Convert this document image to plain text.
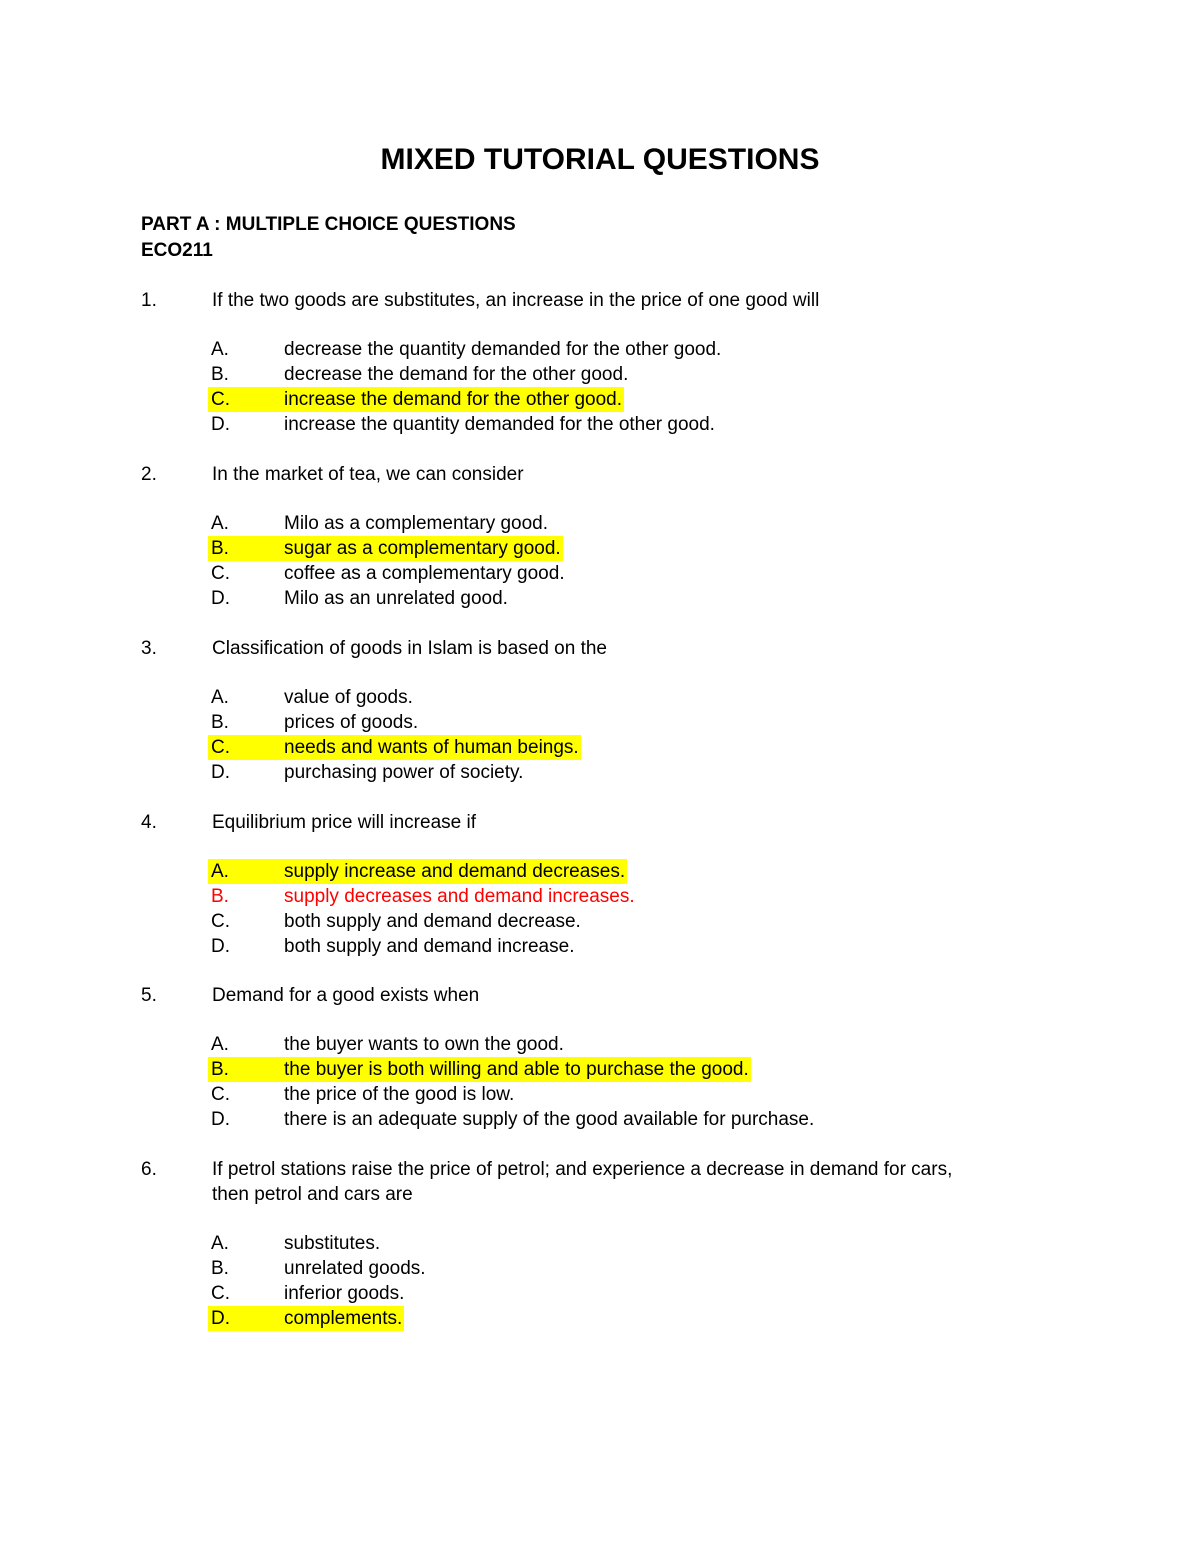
MIXED TUTORIAL QUESTIONS
PART A : MULTIPLE CHOICE QUESTIONS
ECO211
1.	If the two goods are substitutes, an increase in the price of one good will
A.	decrease the quantity demanded for the other good.
B.	decrease the demand for the other good.
C.	increase the demand for the other good.
D.	increase the quantity demanded for the other good.
2.	In the market of tea, we can consider
A.	Milo as a complementary good.
B.	sugar as a complementary good.
C.	coffee as a complementary good.
D.	Milo as an unrelated good.
3.	Classification of goods in Islam is based on the
A.	value of goods.
B.	prices of goods.
C.	needs and wants of human beings.
D.	purchasing power of society.
4.	Equilibrium price will increase if
A.	supply increase and demand decreases.
B.	supply decreases and demand increases.
C.	both supply and demand decrease.
D.	both supply and demand increase.
5.	Demand for a good exists when
A.	the buyer wants to own the good.
B.	the buyer is both willing and able to purchase the good.
C.	the price of the good is low.
D.	there is an adequate supply of the good available for purchase.
6.	If petrol stations raise the price of petrol; and experience a decrease in demand for cars,
then petrol and cars are
A.	substitutes.
B.	unrelated goods.
C.	inferior goods.
D.	complements.
